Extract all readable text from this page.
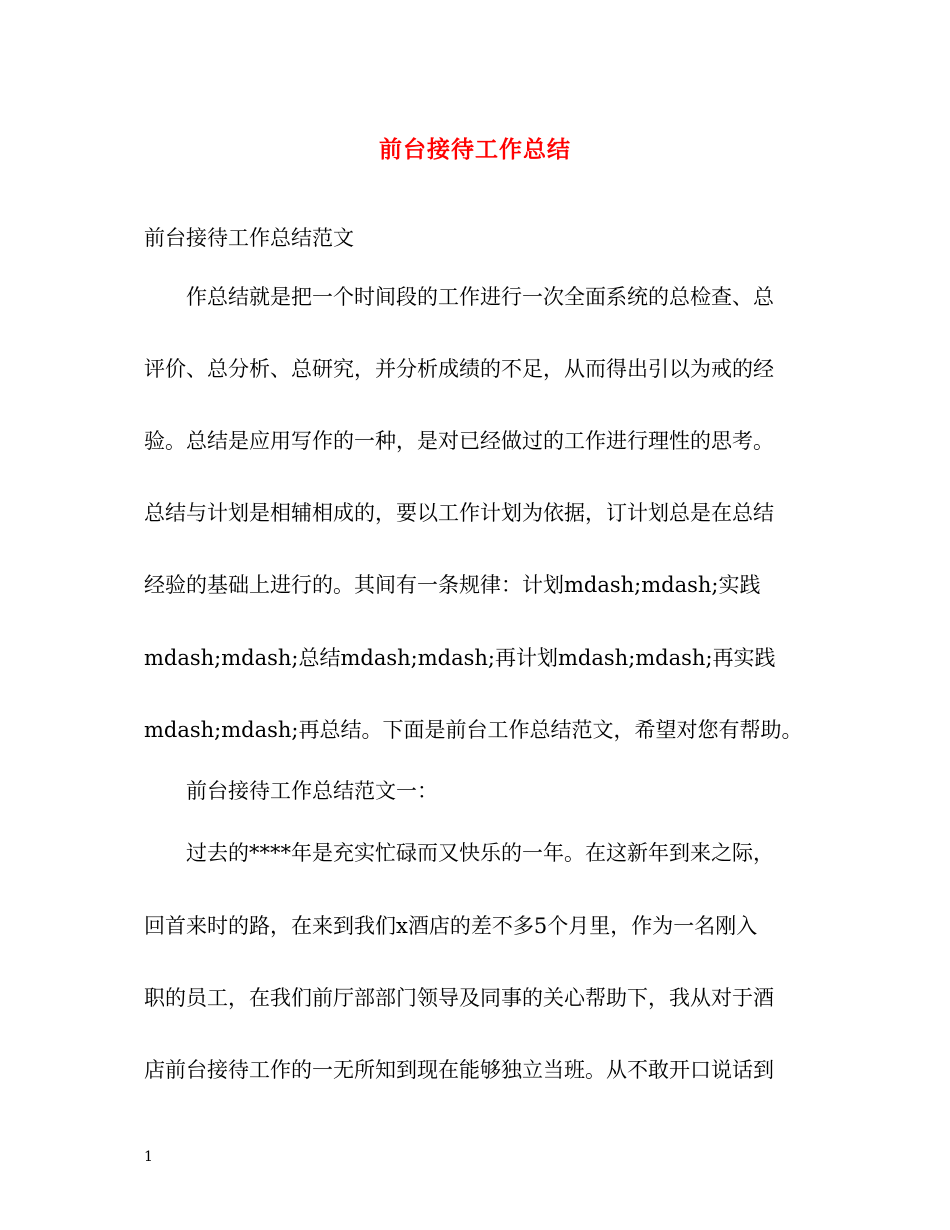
前台接待工作总结
前台接待工作总结范文
作总结就是把一个时间段的工作进行一次全面系统的总检查、总
评价、总分析、总研究，并分析成绩的不足，从而得出引以为戒的经
验。总结是应用写作的一种，是对已经做过的工作进行理性的思考。
总结与计划是相辅相成的，要以工作计划为依据，订计划总是在总结
经验的基础上进行的。其间有一条规律：计划mdash;mdash;实践
mdash;mdash;总结mdash;mdash;再计划mdash;mdash;再实践
mdash;mdash;再总结。下面是前台工作总结范文，希望对您有帮助。
前台接待工作总结范文一：
过去的****年是充实忙碌而又快乐的一年。在这新年到来之际，
回首来时的路，在来到我们x酒店的差不多5个月里，作为一名刚入
职的员工，在我们前厅部部门领导及同事的关心帮助下，我从对于酒
店前台接待工作的一无所知到现在能够独立当班。从不敢开口说话到
1
